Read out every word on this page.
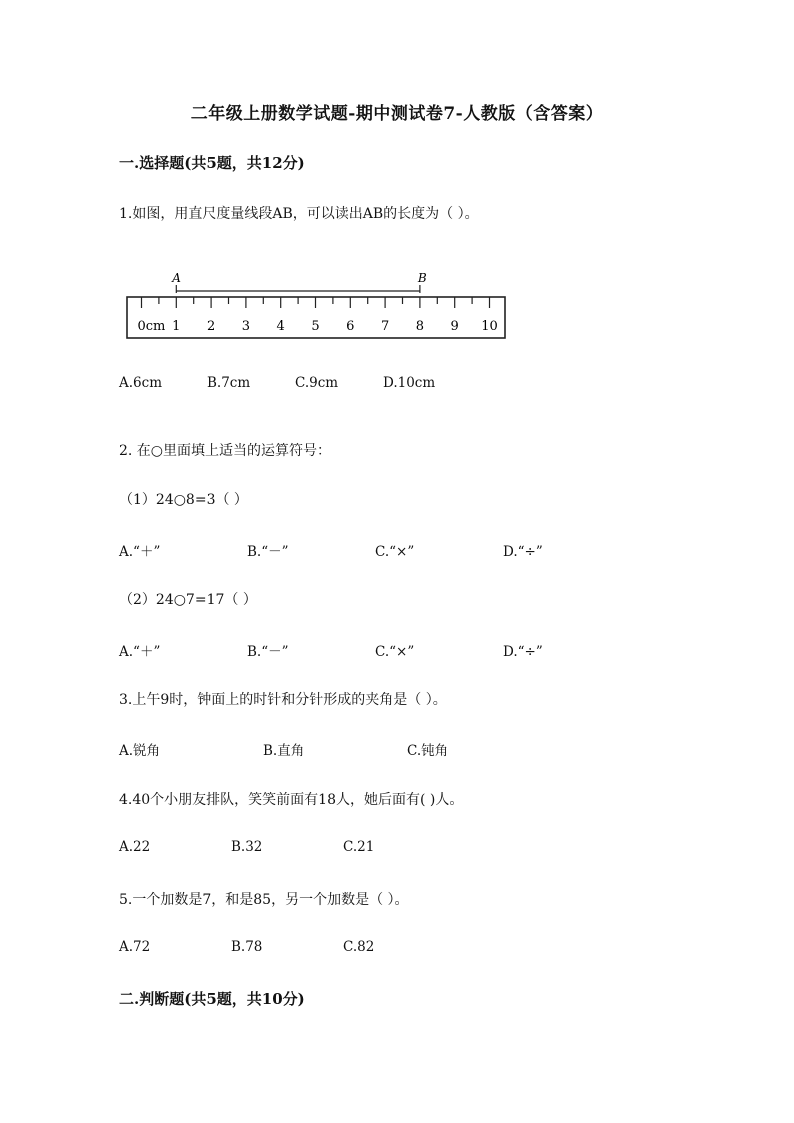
二年级上册数学试题-期中测试卷7-人教版（含答案）
一.选择题(共5题，共12分)
1.如图，用直尺度量线段AB，可以读出AB的长度为（ ）。
A	B
0cm 1 2 3 4 5 6 7 8 9 10
A.6cm	B.7cm	C.9cm	D.10cm
2. 在○里面填上适当的运算符号：
（1）24○8=3（ ）
A.“＋”	B.“－”	C.“×”	D.“÷”
（2）24○7=17（ ）
A.“＋”	B.“－”	C.“×”	D.“÷”
3.上午9时，钟面上的时针和分针形成的夹角是（ ）。
A.锐角	B.直角	C.钝角
4.40个小朋友排队，笑笑前面有18人，她后面有( )人。
A.22	B.32	C.21
5.一个加数是7，和是85，另一个加数是（ ）。
A.72	B.78	C.82
二.判断题(共5题，共10分)
